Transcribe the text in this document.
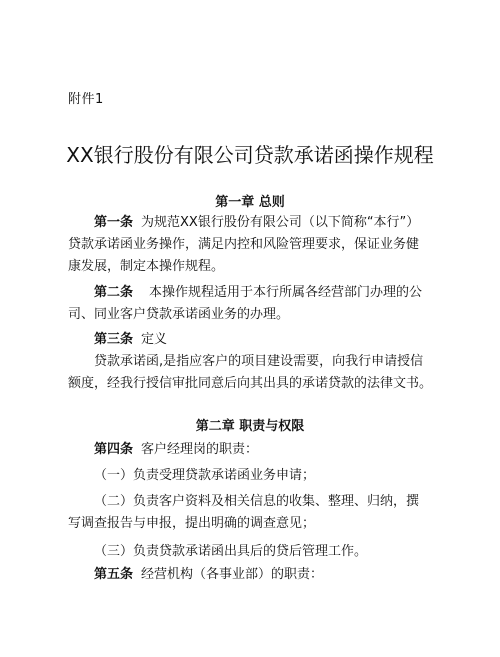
附件1
XX银行股份有限公司贷款承诺函操作规程
第一章 总则
第一条 为规范XX银行股份有限公司（以下简称“本行”）
贷款承诺函业务操作，满足内控和风险管理要求，保证业务健
康发展，制定本操作规程。
第二条 本操作规程适用于本行所属各经营部门办理的公
司、同业客户贷款承诺函业务的办理。
第三条 定义
贷款承诺函,是指应客户的项目建设需要，向我行申请授信
额度，经我行授信审批同意后向其出具的承诺贷款的法律文书。
第二章 职责与权限
第四条 客户经理岗的职责：
（一）负责受理贷款承诺函业务申请；
（二）负责客户资料及相关信息的收集、整理、归纳，撰
写调查报告与申报，提出明确的调查意见；
（三）负责贷款承诺函出具后的贷后管理工作。
第五条 经营机构（各事业部）的职责：
